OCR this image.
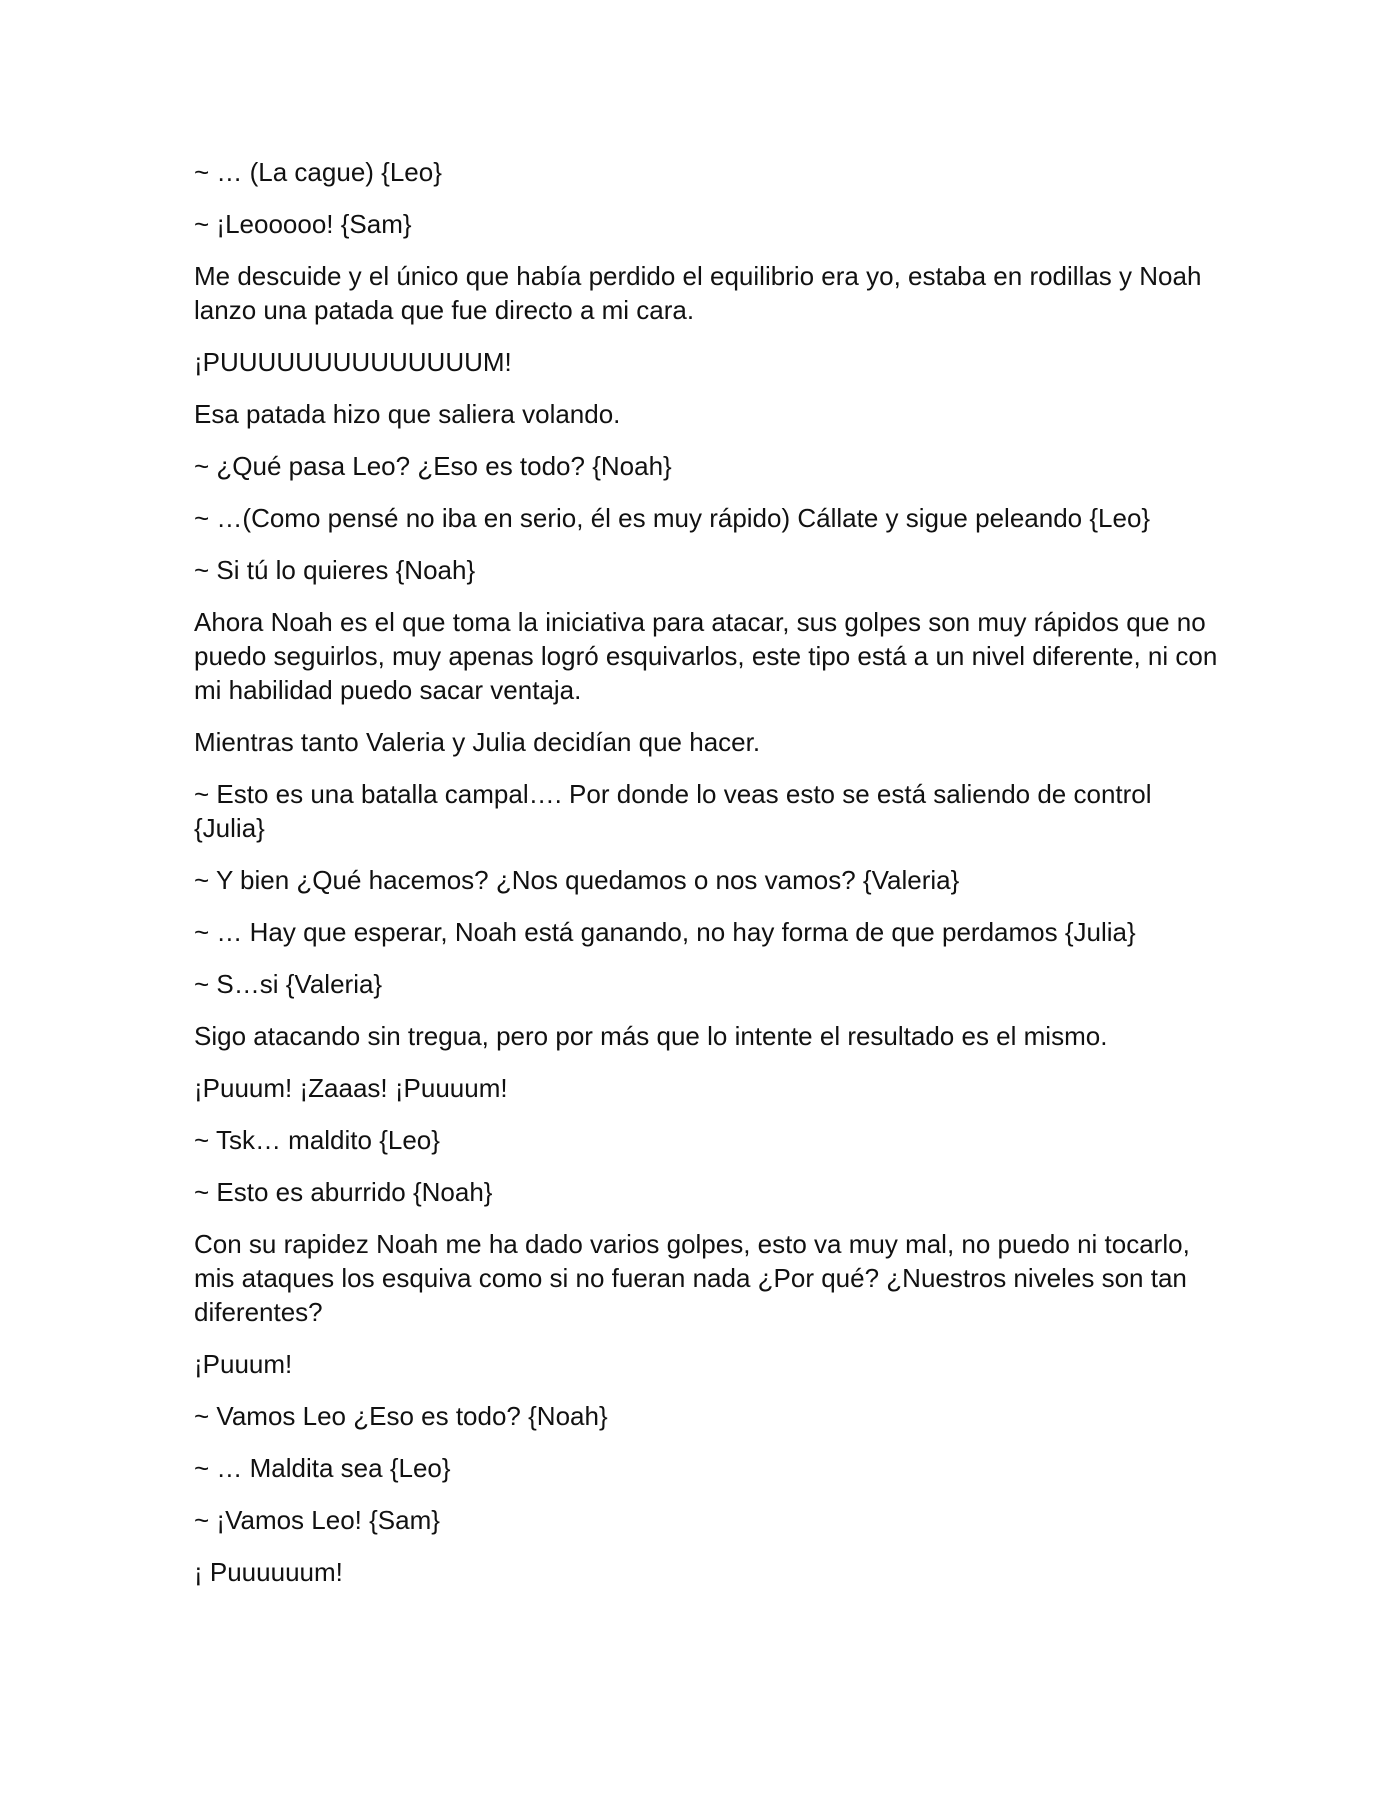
~ … (La cague) {Leo}

~ ¡Leooooo! {Sam}

Me descuide y el único que había perdido el equilibrio era yo, estaba en rodillas y Noah lanzo una patada que fue directo a mi cara.

¡PUUUUUUUUUUUUUUM!

Esa patada hizo que saliera volando.

~ ¿Qué pasa Leo? ¿Eso es todo? {Noah}

~ …(Como pensé no iba en serio, él es muy rápido) Cállate y sigue peleando {Leo}

~ Si tú lo quieres {Noah}

Ahora Noah es el que toma la iniciativa para atacar, sus golpes son muy rápidos que no puedo seguirlos, muy apenas logró esquivarlos, este tipo está a un nivel diferente, ni con mi habilidad puedo sacar ventaja.

Mientras tanto Valeria y Julia decidían que hacer.

~ Esto es una batalla campal…. Por donde lo veas esto se está saliendo de control {Julia}

~ Y bien ¿Qué hacemos? ¿Nos quedamos o nos vamos? {Valeria}

~ … Hay que esperar, Noah está ganando, no hay forma de que perdamos {Julia}

~ S…si {Valeria}

Sigo atacando sin tregua, pero por más que lo intente el resultado es el mismo.

¡Puuum! ¡Zaaas! ¡Puuuum!

~ Tsk… maldito {Leo}

~ Esto es aburrido {Noah}

Con su rapidez Noah me ha dado varios golpes, esto va muy mal, no puedo ni tocarlo, mis ataques los esquiva como si no fueran nada ¿Por qué? ¿Nuestros niveles son tan diferentes?

¡Puuum!

~ Vamos Leo ¿Eso es todo? {Noah}

~ … Maldita sea {Leo}

~ ¡Vamos Leo! {Sam}

¡ Puuuuuum!
